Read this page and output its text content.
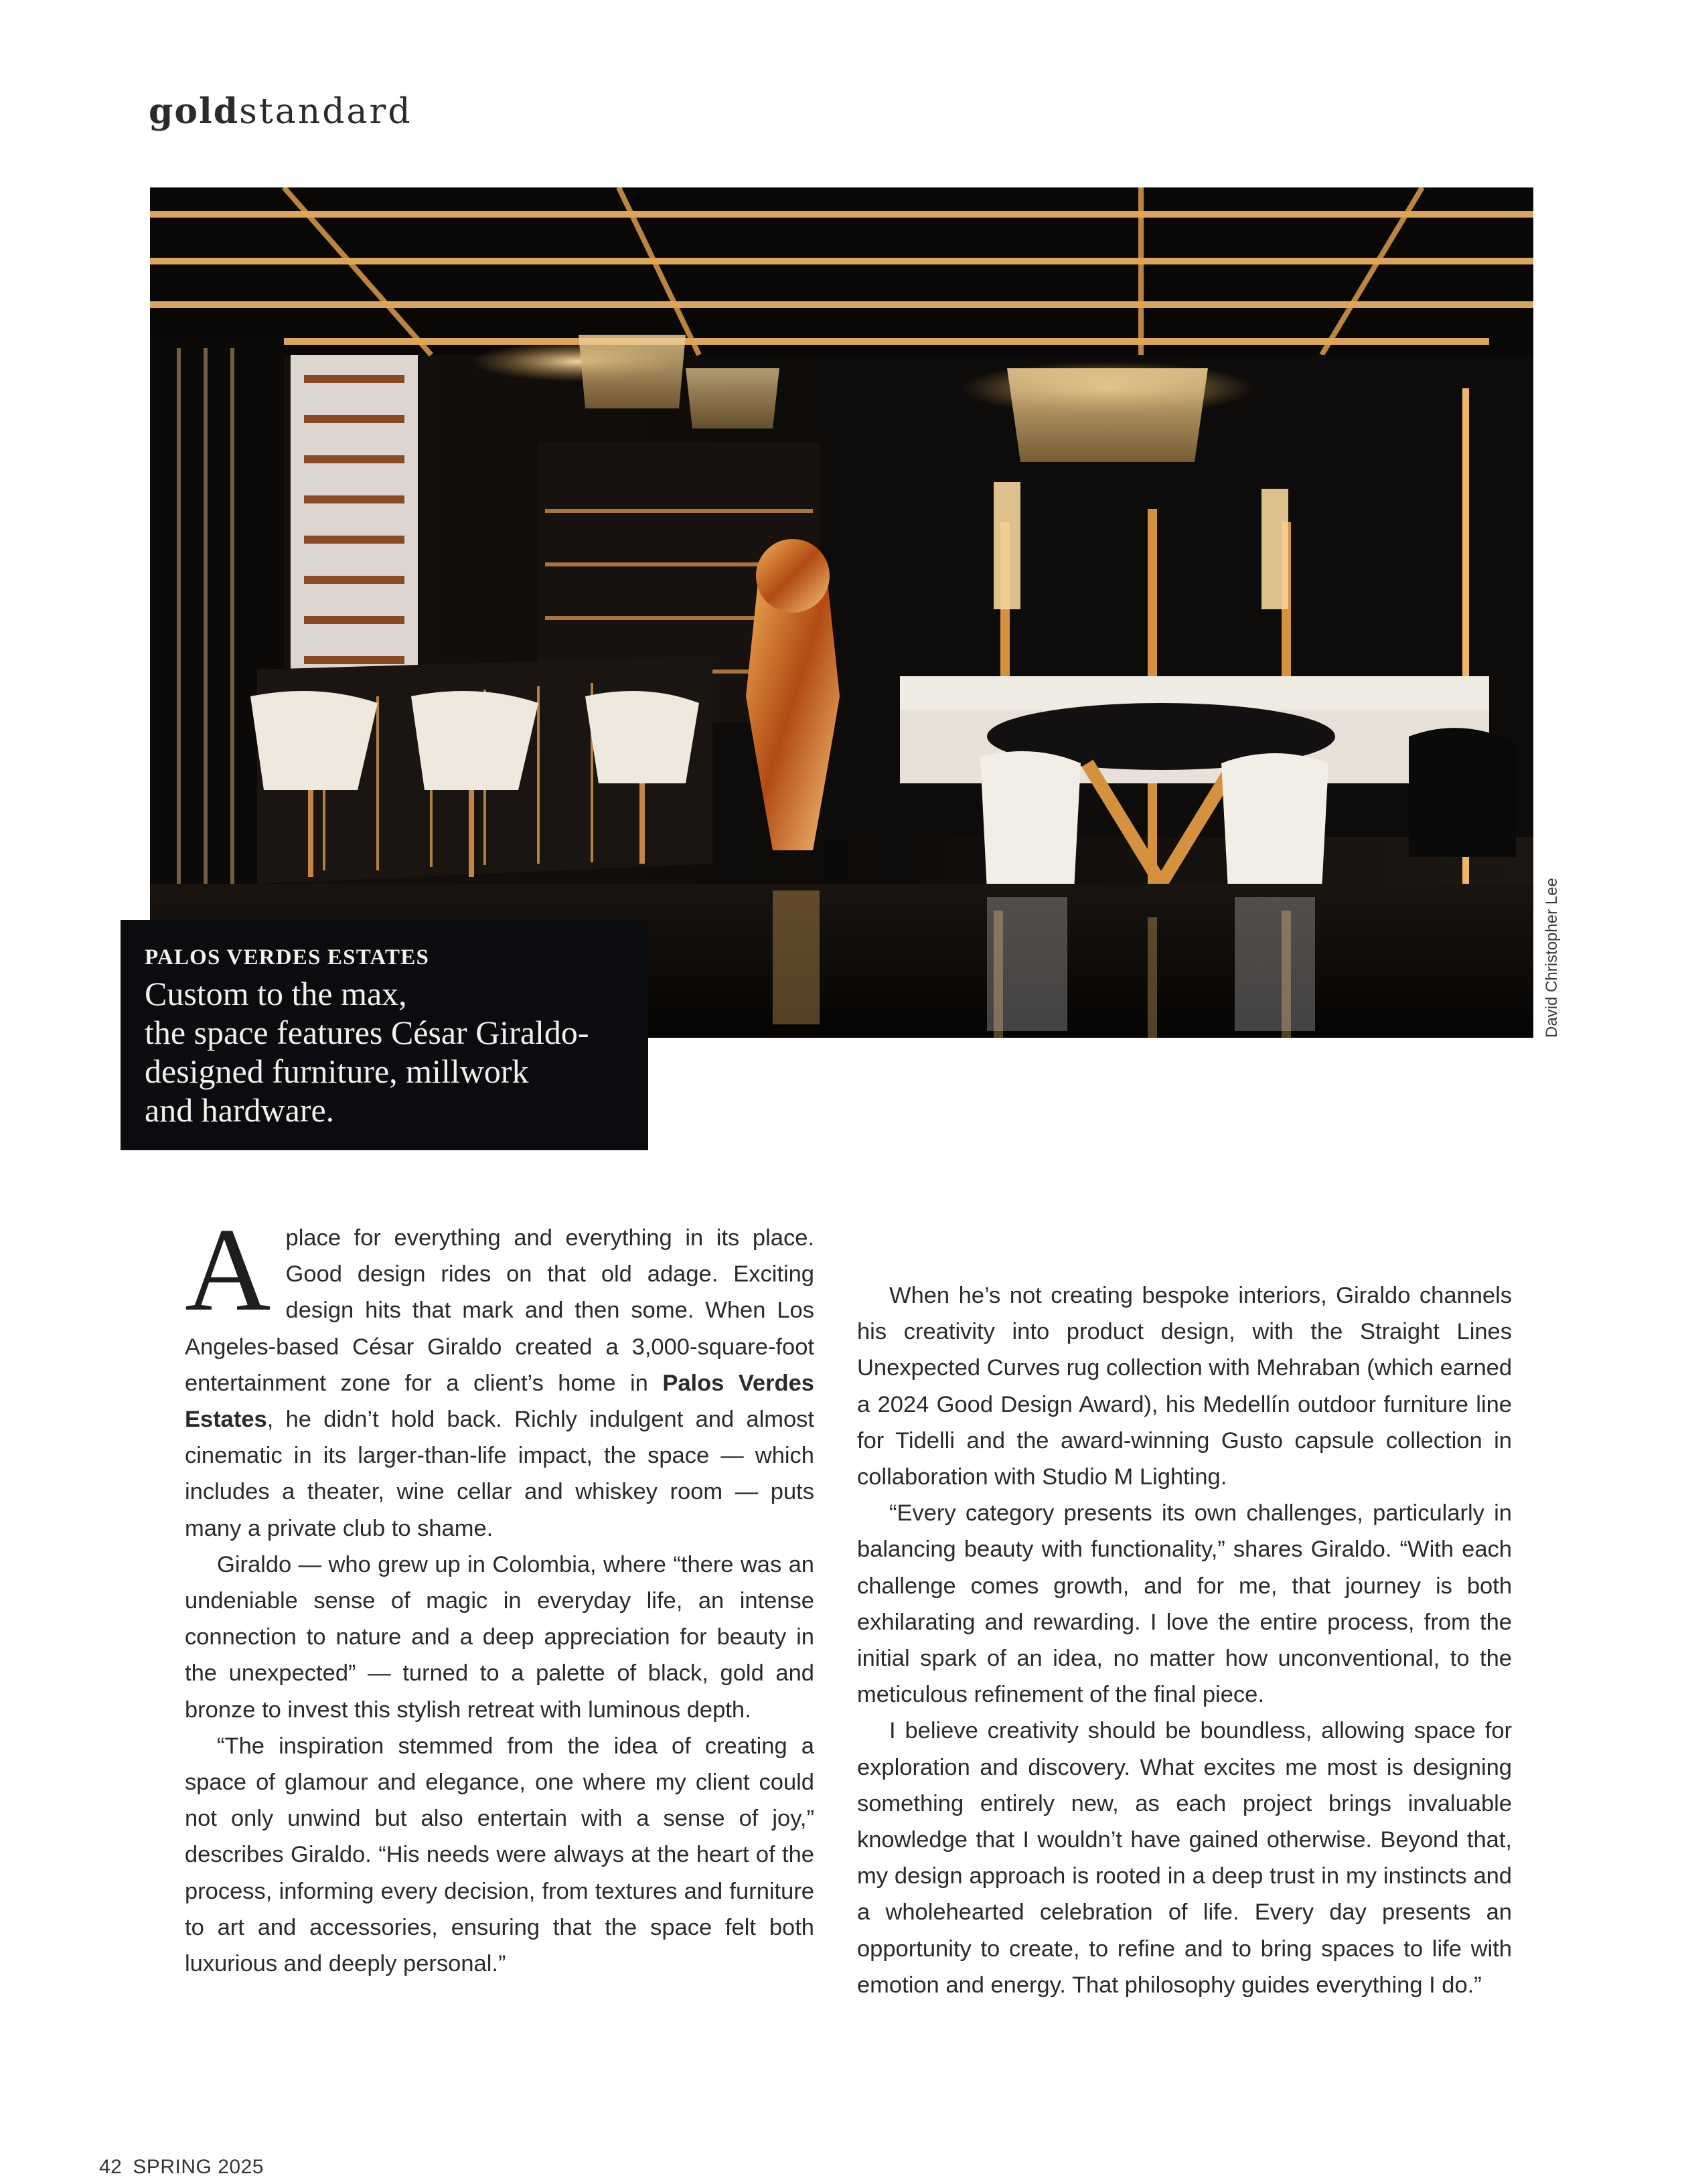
goldstandard
David Christopher Lee
PALOS VERDES ESTATES
Custom to the max,
the space features César Giraldo-
designed furniture, millwork
and hardware.

A place for everything and everything in its place. Good design rides on that old adage. Exciting design hits that mark and then some. When Los Angeles-based César Giraldo created a 3,000-square-foot entertainment zone for a client’s home in Palos Verdes Estates, he didn’t hold back. Richly indulgent and almost cinematic in its larger-than-life impact, the space — which includes a theater, wine cellar and whiskey room — puts many a private club to shame.

Giraldo — who grew up in Colombia, where “there was an undeniable sense of magic in everyday life, an intense connection to nature and a deep appreciation for beauty in the unexpected” — turned to a palette of black, gold and bronze to invest this stylish retreat with luminous depth.

“The inspiration stemmed from the idea of creating a space of glamour and elegance, one where my client could not only unwind but also entertain with a sense of joy,” describes Giraldo. “His needs were always at the heart of the process, informing every decision, from textures and furniture to art and accessories, ensuring that the space felt both luxurious and deeply personal.”

When he’s not creating bespoke interiors, Giraldo channels his creativity into product design, with the Straight Lines Unexpected Curves rug collection with Mehraban (which earned a 2024 Good Design Award), his Medellín outdoor furniture line for Tidelli and the award-winning Gusto capsule collection in collaboration with Studio M Lighting.

“Every category presents its own challenges, particularly in balancing beauty with functionality,” shares Giraldo. “With each challenge comes growth, and for me, that journey is both exhilarating and rewarding. I love the entire process, from the initial spark of an idea, no matter how unconventional, to the meticulous refinement of the final piece.

I believe creativity should be boundless, allowing space for exploration and discovery. What excites me most is designing something entirely new, as each project brings invaluable knowledge that I wouldn’t have gained otherwise. Beyond that, my design approach is rooted in a deep trust in my instincts and a wholehearted celebration of life. Every day presents an opportunity to create, to refine and to bring spaces to life with emotion and energy. That philosophy guides everything I do.”

42 SPRING 2025
